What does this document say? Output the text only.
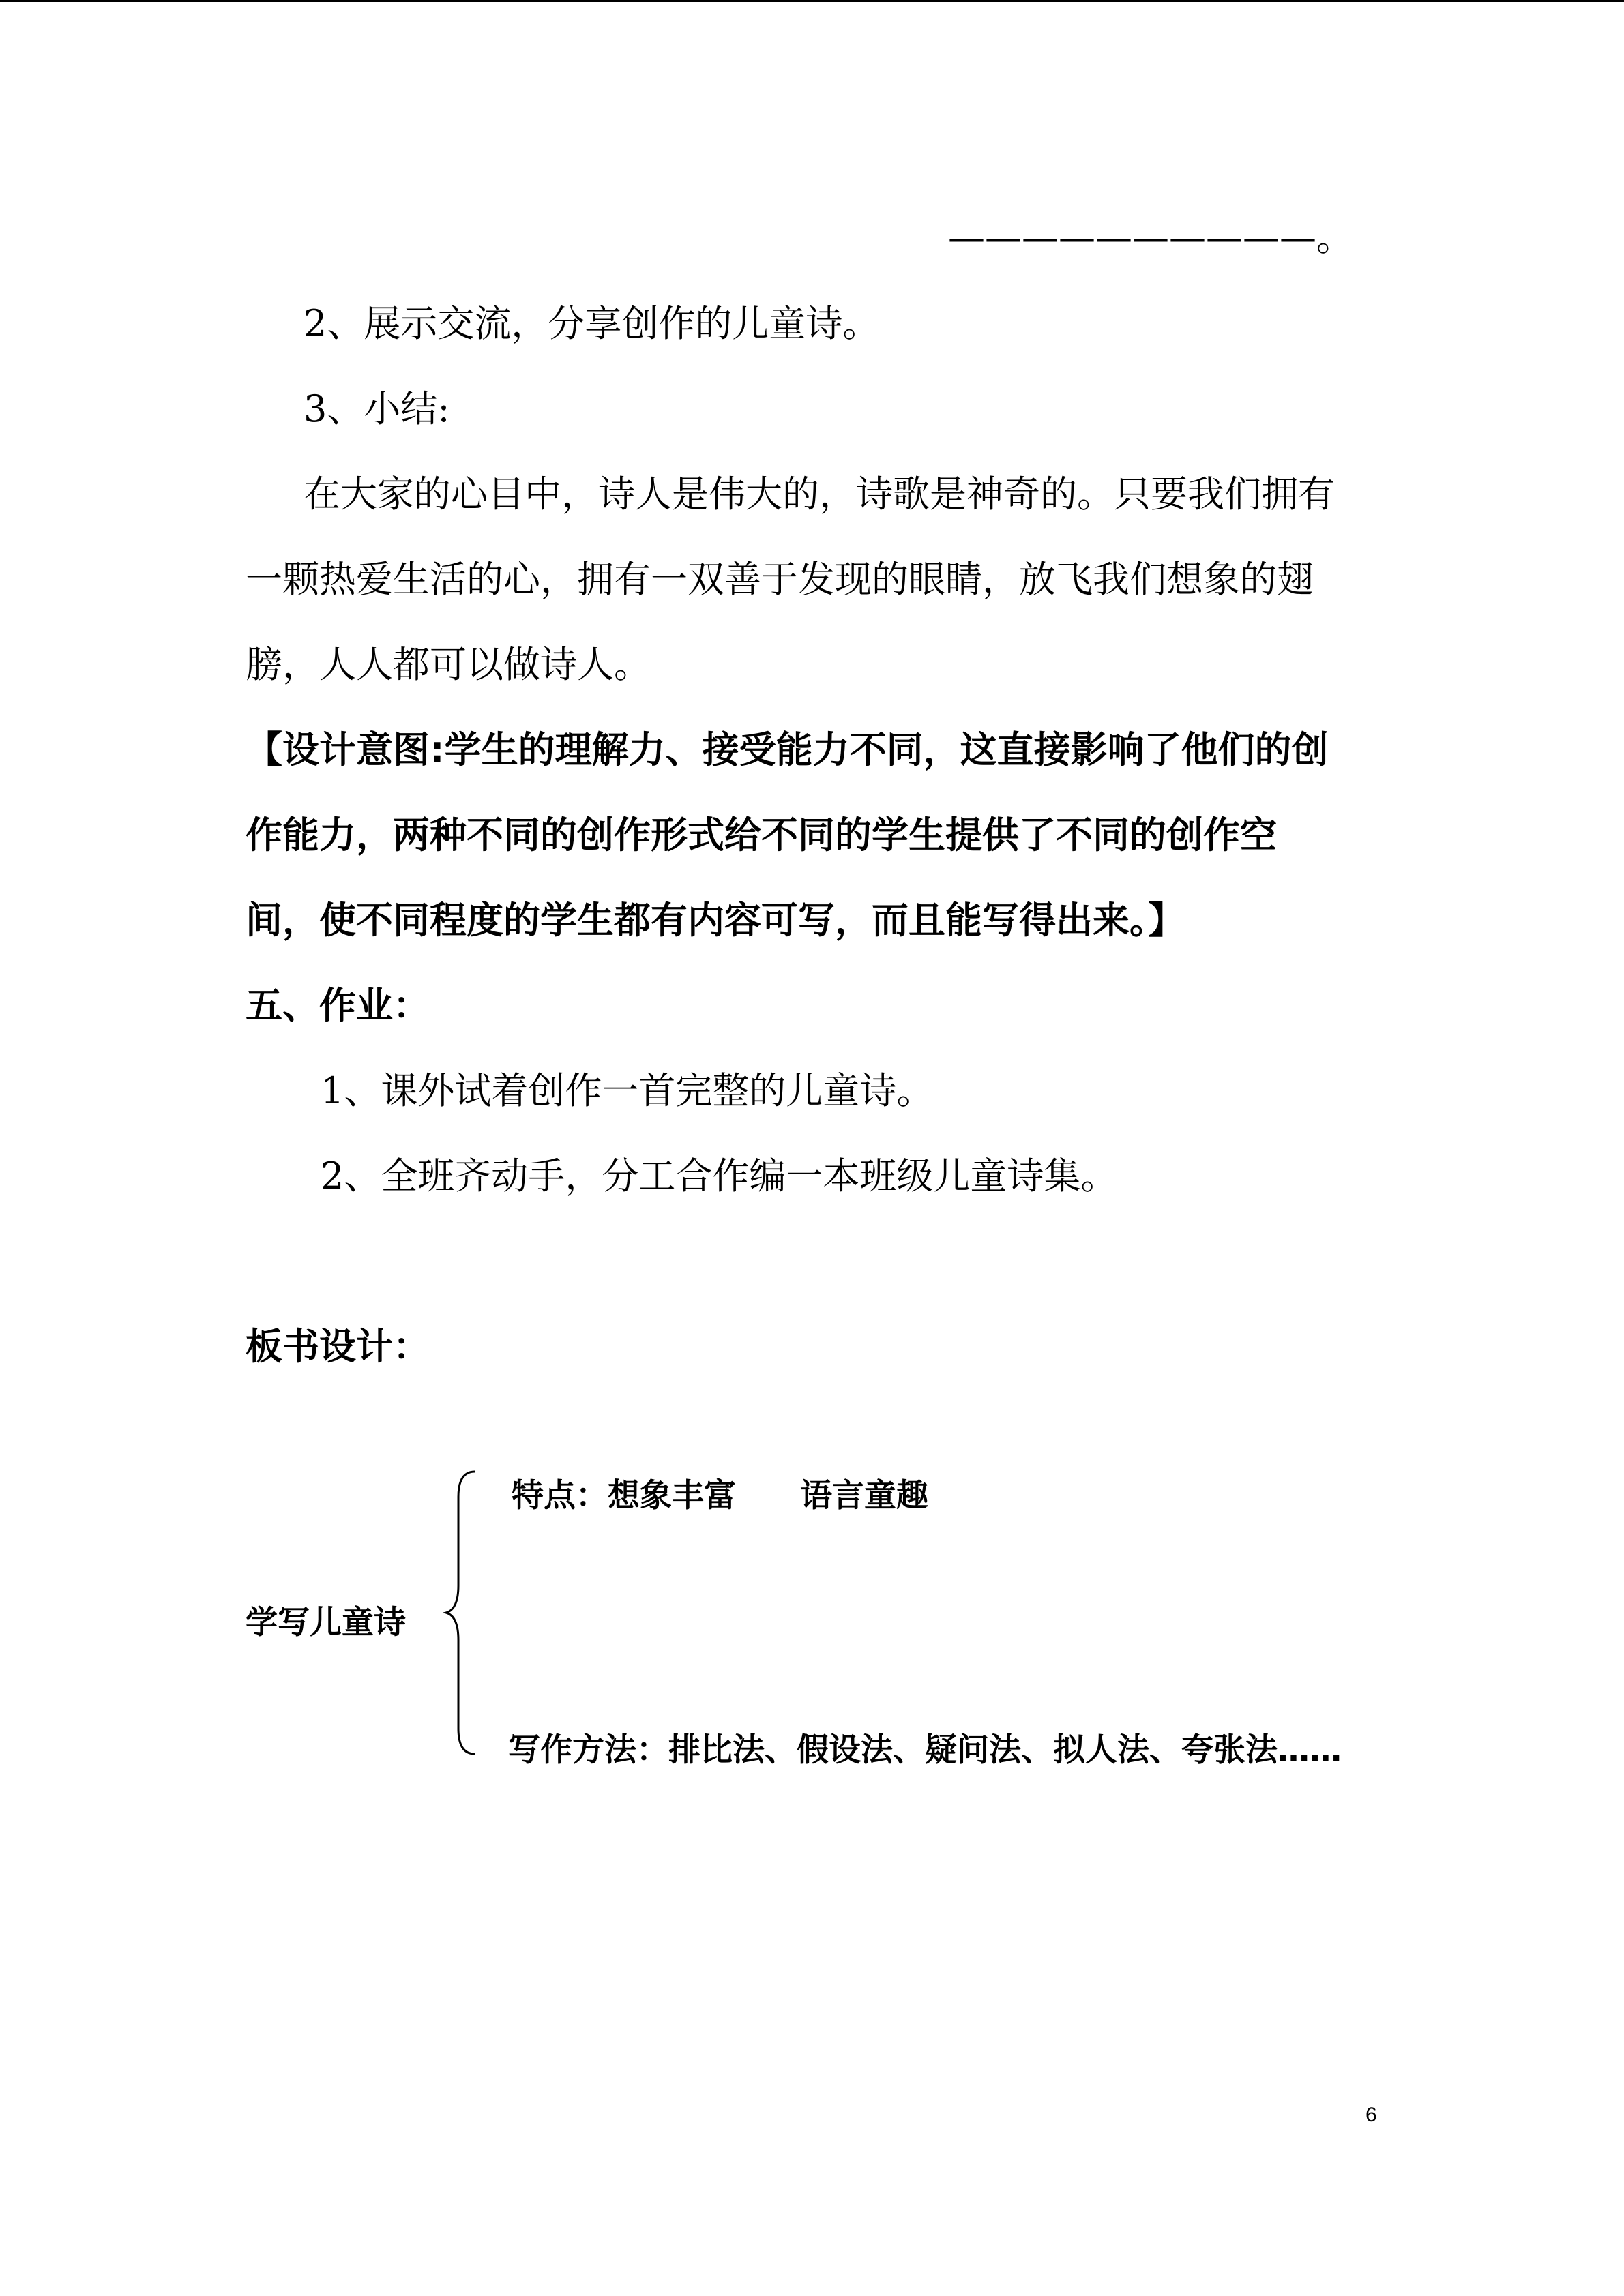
——————————。
2、展示交流，分享创作的儿童诗。
3、小结:
在大家的心目中，诗人是伟大的，诗歌是神奇的。只要我们拥有
一颗热爱生活的心，拥有一双善于发现的眼睛，放飞我们想象的翅
膀，人人都可以做诗人。
【设计意图:学生的理解力、接受能力不同，这直接影响了他们的创
作能力，两种不同的创作形式给不同的学生提供了不同的创作空
间，使不同程度的学生都有内容可写，而且能写得出来。】
五、作业：
1、课外试着创作一首完整的儿童诗。
2、全班齐动手，分工合作编一本班级儿童诗集。
板书设计：
学写儿童诗
特点：想象丰富　　语言童趣
写作方法：排比法、假设法、疑问法、拟人法、夸张法……
6
